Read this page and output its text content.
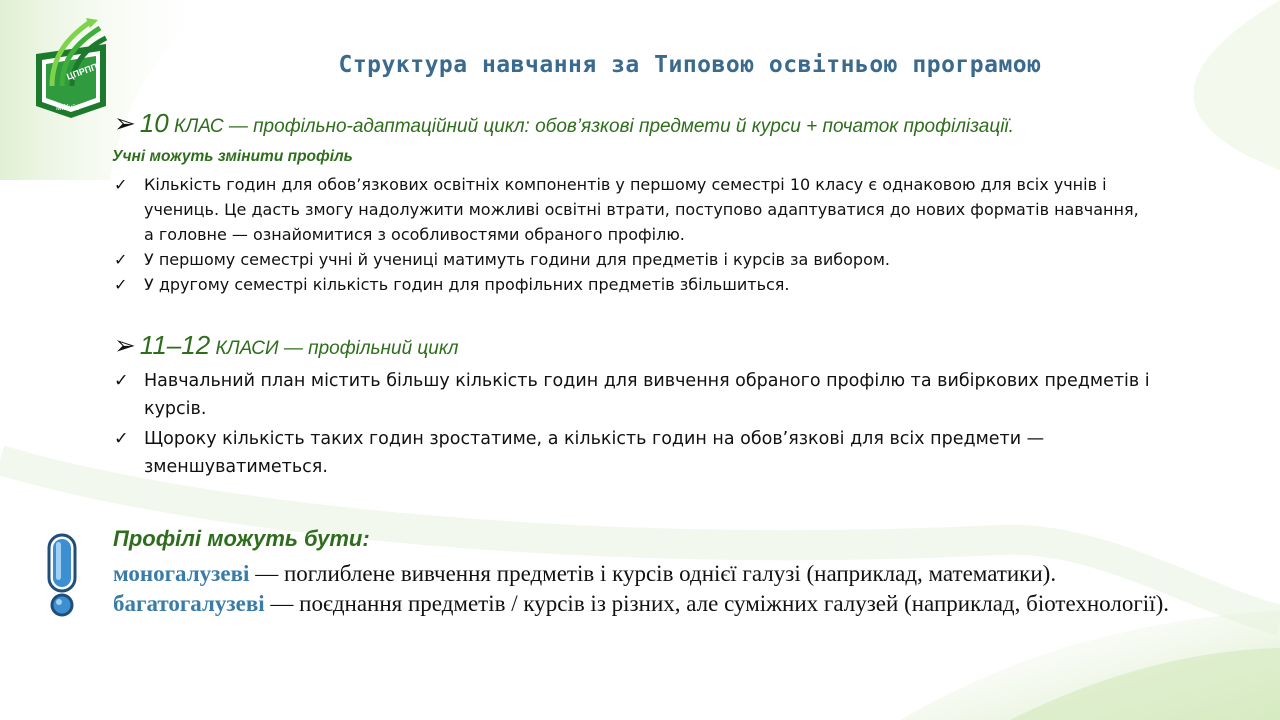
ЦПРПП
м.Київ
Структура навчання за Типовою освітньою програмою
➢ 10 КЛАС — профільно-адаптаційний цикл: обов’язкові предмети й курси + початок профілізації.
Учні можуть змінити профіль
✓ Кількість годин для обов’язкових освітніх компонентів у першому семестрі 10 класу є однаковою для всіх учнів і учениць. Це дасть змогу надолужити можливі освітні втрати, поступово адаптуватися до нових форматів навчання, а головне — ознайомитися з особливостями обраного профілю.
✓ У першому семестрі учні й учениці матимуть години для предметів і курсів за вибором.
✓ У другому семестрі кількість годин для профільних предметів збільшиться.
➢ 11–12 КЛАСИ — профільний цикл
✓ Навчальний план містить більшу кількість годин для вивчення обраного профілю та вибіркових предметів і курсів.
✓ Щороку кількість таких годин зростатиме, а кількість годин на обов’язкові для всіх предмети — зменшуватиметься.
Профілі можуть бути:

моногалузеві — поглиблене вивчення предметів і курсів однієї галузі (наприклад, математики).

багатогалузеві — поєднання предметів / курсів із різних, але суміжних галузей (наприклад, біотехнології).
